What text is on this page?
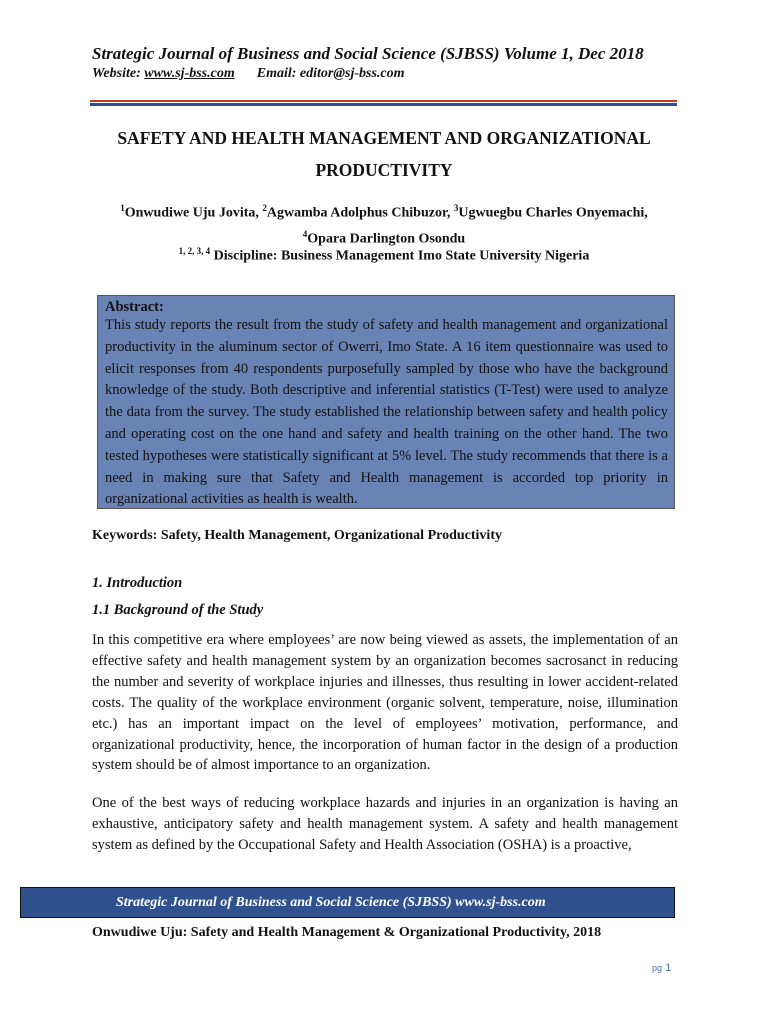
Strategic Journal of Business and Social Science (SJBSS) Volume 1, Dec 2018
Website: www.sj-bss.com Email: editor@sj-bss.com
SAFETY AND HEALTH MANAGEMENT AND ORGANIZATIONAL
PRODUCTIVITY
$^1$Onwudiwe Uju Jovita, $^2$Agwamba Adolphus Chibuzor, $^3$Ugwuegbu Charles Onyemachi,
$^4$Opara Darlington Osondu
$^{1, 2, 3, 4}$ Discipline: Business Management Imo State University Nigeria
Abstract:
This study reports the result from the study of safety and health management and organizational productivity in the aluminum sector of Owerri, Imo State. A 16 item questionnaire was used to elicit responses from 40 respondents purposefully sampled by those who have the background knowledge of the study. Both descriptive and inferential statistics (T-Test) were used to analyze the data from the survey. The study established the relationship between safety and health policy and operating cost on the one hand and safety and health training on the other hand. The two tested hypotheses were statistically significant at 5% level. The study recommends that there is a need in making sure that Safety and Health management is accorded top priority in organizational activities as health is wealth.
Keywords: Safety, Health Management, Organizational Productivity
1. Introduction
1.1 Background of the Study
In this competitive era where employees’ are now being viewed as assets, the implementation of an effective safety and health management system by an organization becomes sacrosanct in reducing the number and severity of workplace injuries and illnesses, thus resulting in lower accident-related costs. The quality of the workplace environment (organic solvent, temperature, noise, illumination etc.) has an important impact on the level of employees’ motivation, performance, and organizational productivity, hence, the incorporation of human factor in the design of a production system should be of almost importance to an organization.
One of the best ways of reducing workplace hazards and injuries in an organization is having an exhaustive, anticipatory safety and health management system. A safety and health management system as defined by the Occupational Safety and Health Association (OSHA) is a proactive,
Strategic Journal of Business and Social Science (SJBSS) www.sj-bss.com
Onwudiwe Uju: Safety and Health Management & Organizational Productivity, 2018
pg 1
